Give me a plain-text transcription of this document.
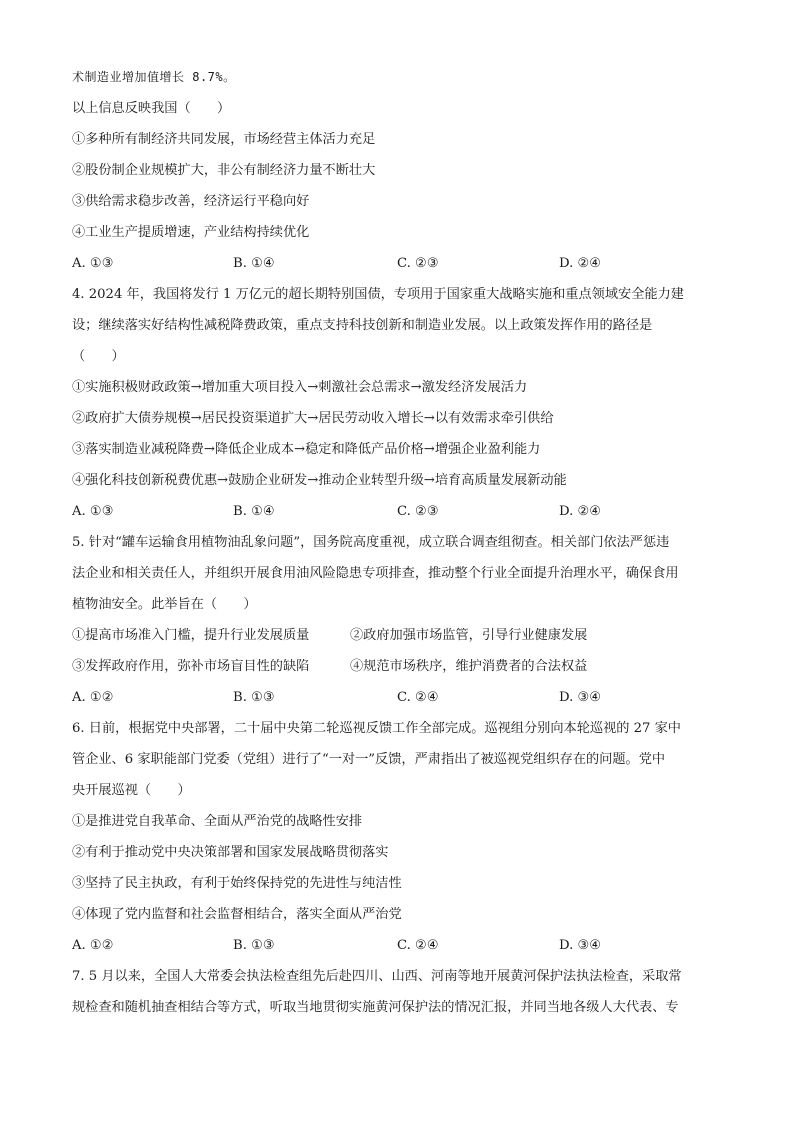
术制造业增加值增长 8.7%。
以上信息反映我国（　　）
①多种所有制经济共同发展，市场经营主体活力充足
②股份制企业规模扩大，非公有制经济力量不断壮大
③供给需求稳步改善，经济运行平稳向好
④工业生产提质增速，产业结构持续优化
A. ①③	B. ①④	C. ②③	D. ②④
4. 2024 年，我国将发行 1 万亿元的超长期特别国债，专项用于国家重大战略实施和重点领域安全能力建
设；继续落实好结构性减税降费政策，重点支持科技创新和制造业发展。以上政策发挥作用的路径是
（　　）
①实施积极财政政策→增加重大项目投入→刺激社会总需求→激发经济发展活力
②政府扩大债券规模→居民投资渠道扩大→居民劳动收入增长→以有效需求牵引供给
③落实制造业减税降费→降低企业成本→稳定和降低产品价格→增强企业盈利能力
④强化科技创新税费优惠→鼓励企业研发→推动企业转型升级→培育高质量发展新动能
A. ①③	B. ①④	C. ②③	D. ②④
5. 针对“罐车运输食用植物油乱象问题”，国务院高度重视，成立联合调查组彻查。相关部门依法严惩违
法企业和相关责任人，并组织开展食用油风险隐患专项排查，推动整个行业全面提升治理水平，确保食用
植物油安全。此举旨在（　　）
①提高市场准入门槛，提升行业发展质量	②政府加强市场监管，引导行业健康发展
③发挥政府作用，弥补市场盲目性的缺陷	④规范市场秩序，维护消费者的合法权益
A. ①②	B. ①③	C. ②④	D. ③④
6. 日前，根据党中央部署，二十届中央第二轮巡视反馈工作全部完成。巡视组分别向本轮巡视的 27 家中
管企业、6 家职能部门党委（党组）进行了“一对一”反馈，严肃指出了被巡视党组织存在的问题。党中
央开展巡视（　　）
①是推进党自我革命、全面从严治党的战略性安排
②有利于推动党中央决策部署和国家发展战略贯彻落实
③坚持了民主执政，有利于始终保持党的先进性与纯洁性
④体现了党内监督和社会监督相结合，落实全面从严治党
A. ①②	B. ①③	C. ②④	D. ③④
7. 5 月以来，全国人大常委会执法检查组先后赴四川、山西、河南等地开展黄河保护法执法检查，采取常
规检查和随机抽查相结合等方式，听取当地贯彻实施黄河保护法的情况汇报，并同当地各级人大代表、专
